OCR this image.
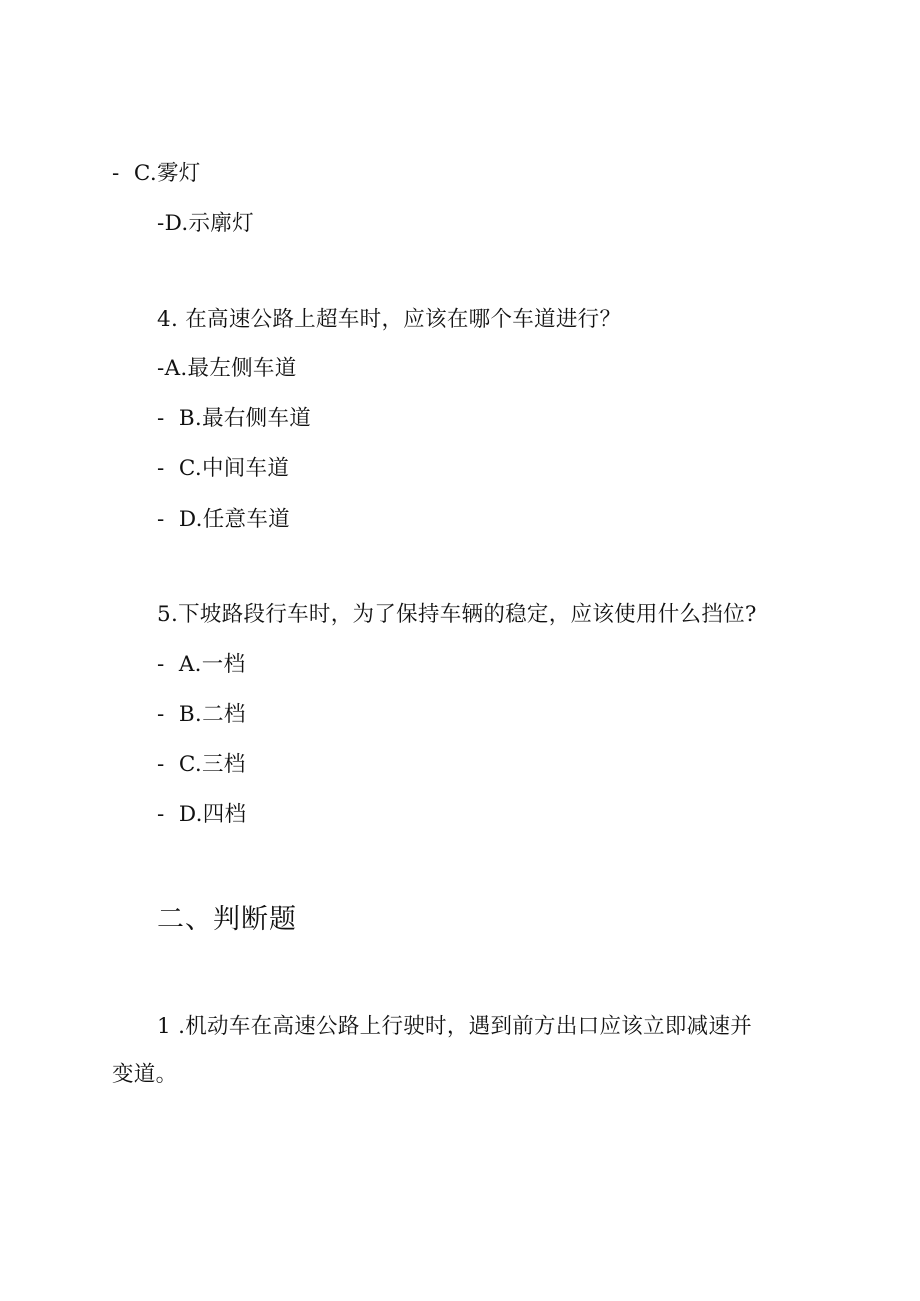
-  C.雾灯
-D.示廓灯
4. 在高速公路上超车时，应该在哪个车道进行？
-A.最左侧车道
-  B.最右侧车道
-  C.中间车道
-  D.任意车道
5.下坡路段行车时，为了保持车辆的稳定，应该使用什么挡位?
-  A.一档
-  B.二档
-  C.三档
-  D.四档
二、判断题
1 .机动车在高速公路上行驶时，遇到前方出口应该立即减速并
变道。
